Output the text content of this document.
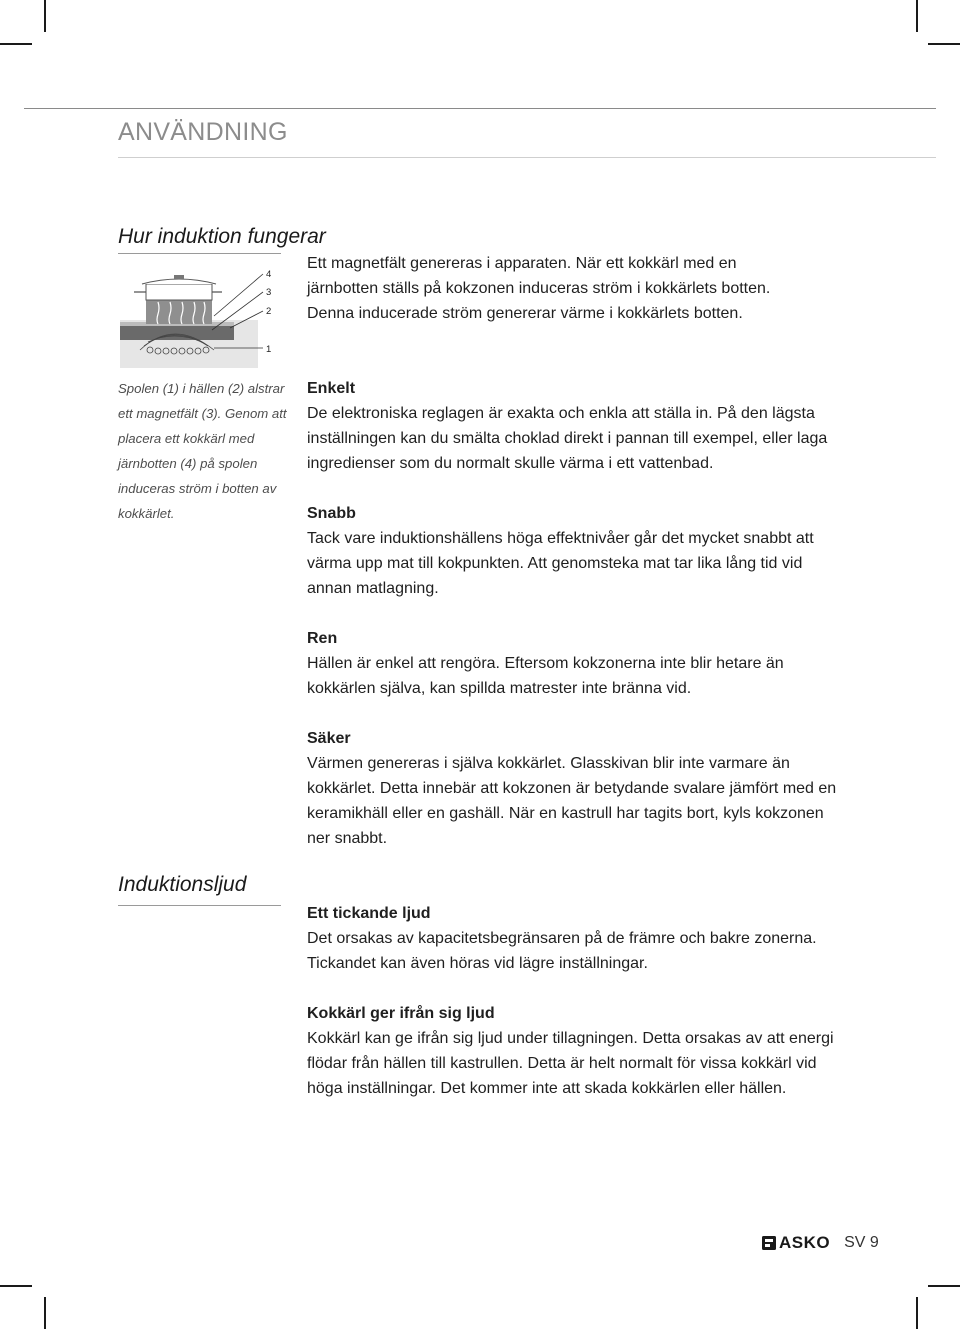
ANVÄNDNING
Hur induktion fungerar
4
3
2
1
Spolen (1) i hällen (2) alstrar ett magnetfält (3). Genom att placera ett kokkärl med järnbotten (4) på spolen induceras ström i botten av kokkärlet.
Ett magnetfält genereras i apparaten. När ett kokkärl med en järnbotten ställs på kokzonen induceras ström i kokkärlets botten. Denna inducerade ström genererar värme i kokkärlets botten.
Enkelt
De elektroniska reglagen är exakta och enkla att ställa in. På den lägsta inställningen kan du smälta choklad direkt i pannan till exempel, eller laga ingredienser som du normalt skulle värma i ett vattenbad.
Snabb
Tack vare induktionshällens höga effektnivåer går det mycket snabbt att värma upp mat till kokpunkten. Att genomsteka mat tar lika lång tid vid annan matlagning.
Ren
Hällen är enkel att rengöra. Eftersom kokzonerna inte blir hetare än kokkärlen själva, kan spillda matrester inte bränna vid.
Säker
Värmen genereras i själva kokkärlet. Glasskivan blir inte varmare än kokkärlet. Detta innebär att kokzonen är betydande svalare jämfört med en keramikhäll eller en gashäll. När en kastrull har tagits bort, kyls kokzonen ner snabbt.
Induktionsljud
Ett tickande ljud
Det orsakas av kapacitetsbegränsaren på de främre och bakre zonerna. Tickandet kan även höras vid lägre inställningar.
Kokkärl ger ifrån sig ljud
Kokkärl kan ge ifrån sig ljud under tillagningen. Detta orsakas av att energi flödar från hällen till kastrullen. Detta är helt normalt för vissa kokkärl vid höga inställningar. Det kommer inte att skada kokkärlen eller hällen.
ASKO SV 9
